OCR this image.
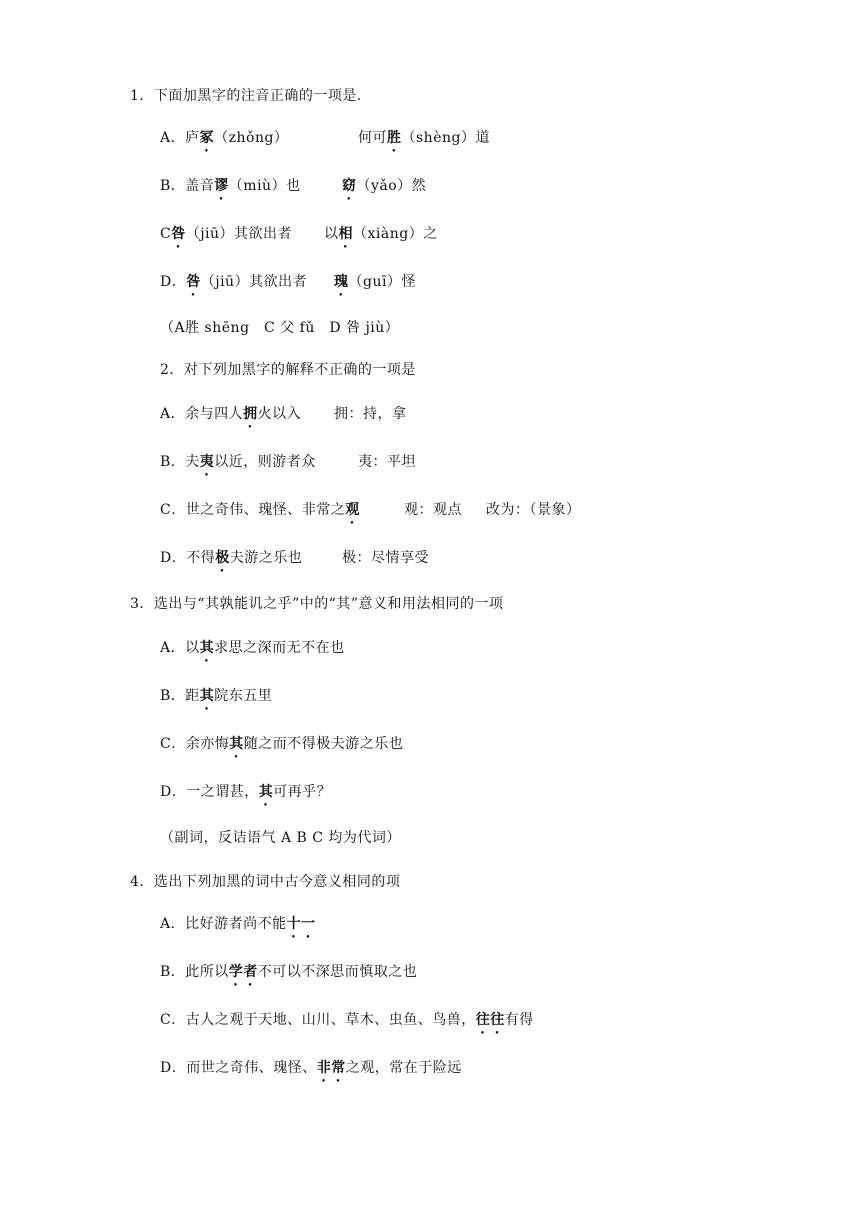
1．下面加黑字的注音正确的一项是.
A．庐冢（zhǒng）	何可胜（shèng）道
B．盖音谬（miù）也	窈（yǎo）然
C咎（jiū）其欲出者 以相（xiàng）之
D．咎（jiū）其欲出者 瑰（guī）怪
（A胜 shēng　C 父 fǔ　D 咎 jiù）
2．对下列加黑字的解释不正确的一项是
A．余与四人拥火以入 拥：持，拿
B．夫夷以近，则游者众	夷：平坦
C．世之奇伟、瑰怪、非常之观	观：观点 改为：（景象）
D．不得极夫游之乐也	极：尽情享受
3．选出与“其孰能讥之乎”中的“其”意义和用法相同的一项
A．以其求思之深而无不在也
B．距其院东五里
C．余亦悔其随之而不得极夫游之乐也
D．一之谓甚，其可再乎？
（副词，反诘语气 A B C 均为代词）
4．选出下列加黑的词中古今意义相同的项
A．比好游者尚不能十一
B．此所以学者不可以不深思而慎取之也
C．古人之观于天地、山川、草木、虫鱼、鸟兽，往往有得
D．而世之奇伟、瑰怪、非常之观，常在于险远
